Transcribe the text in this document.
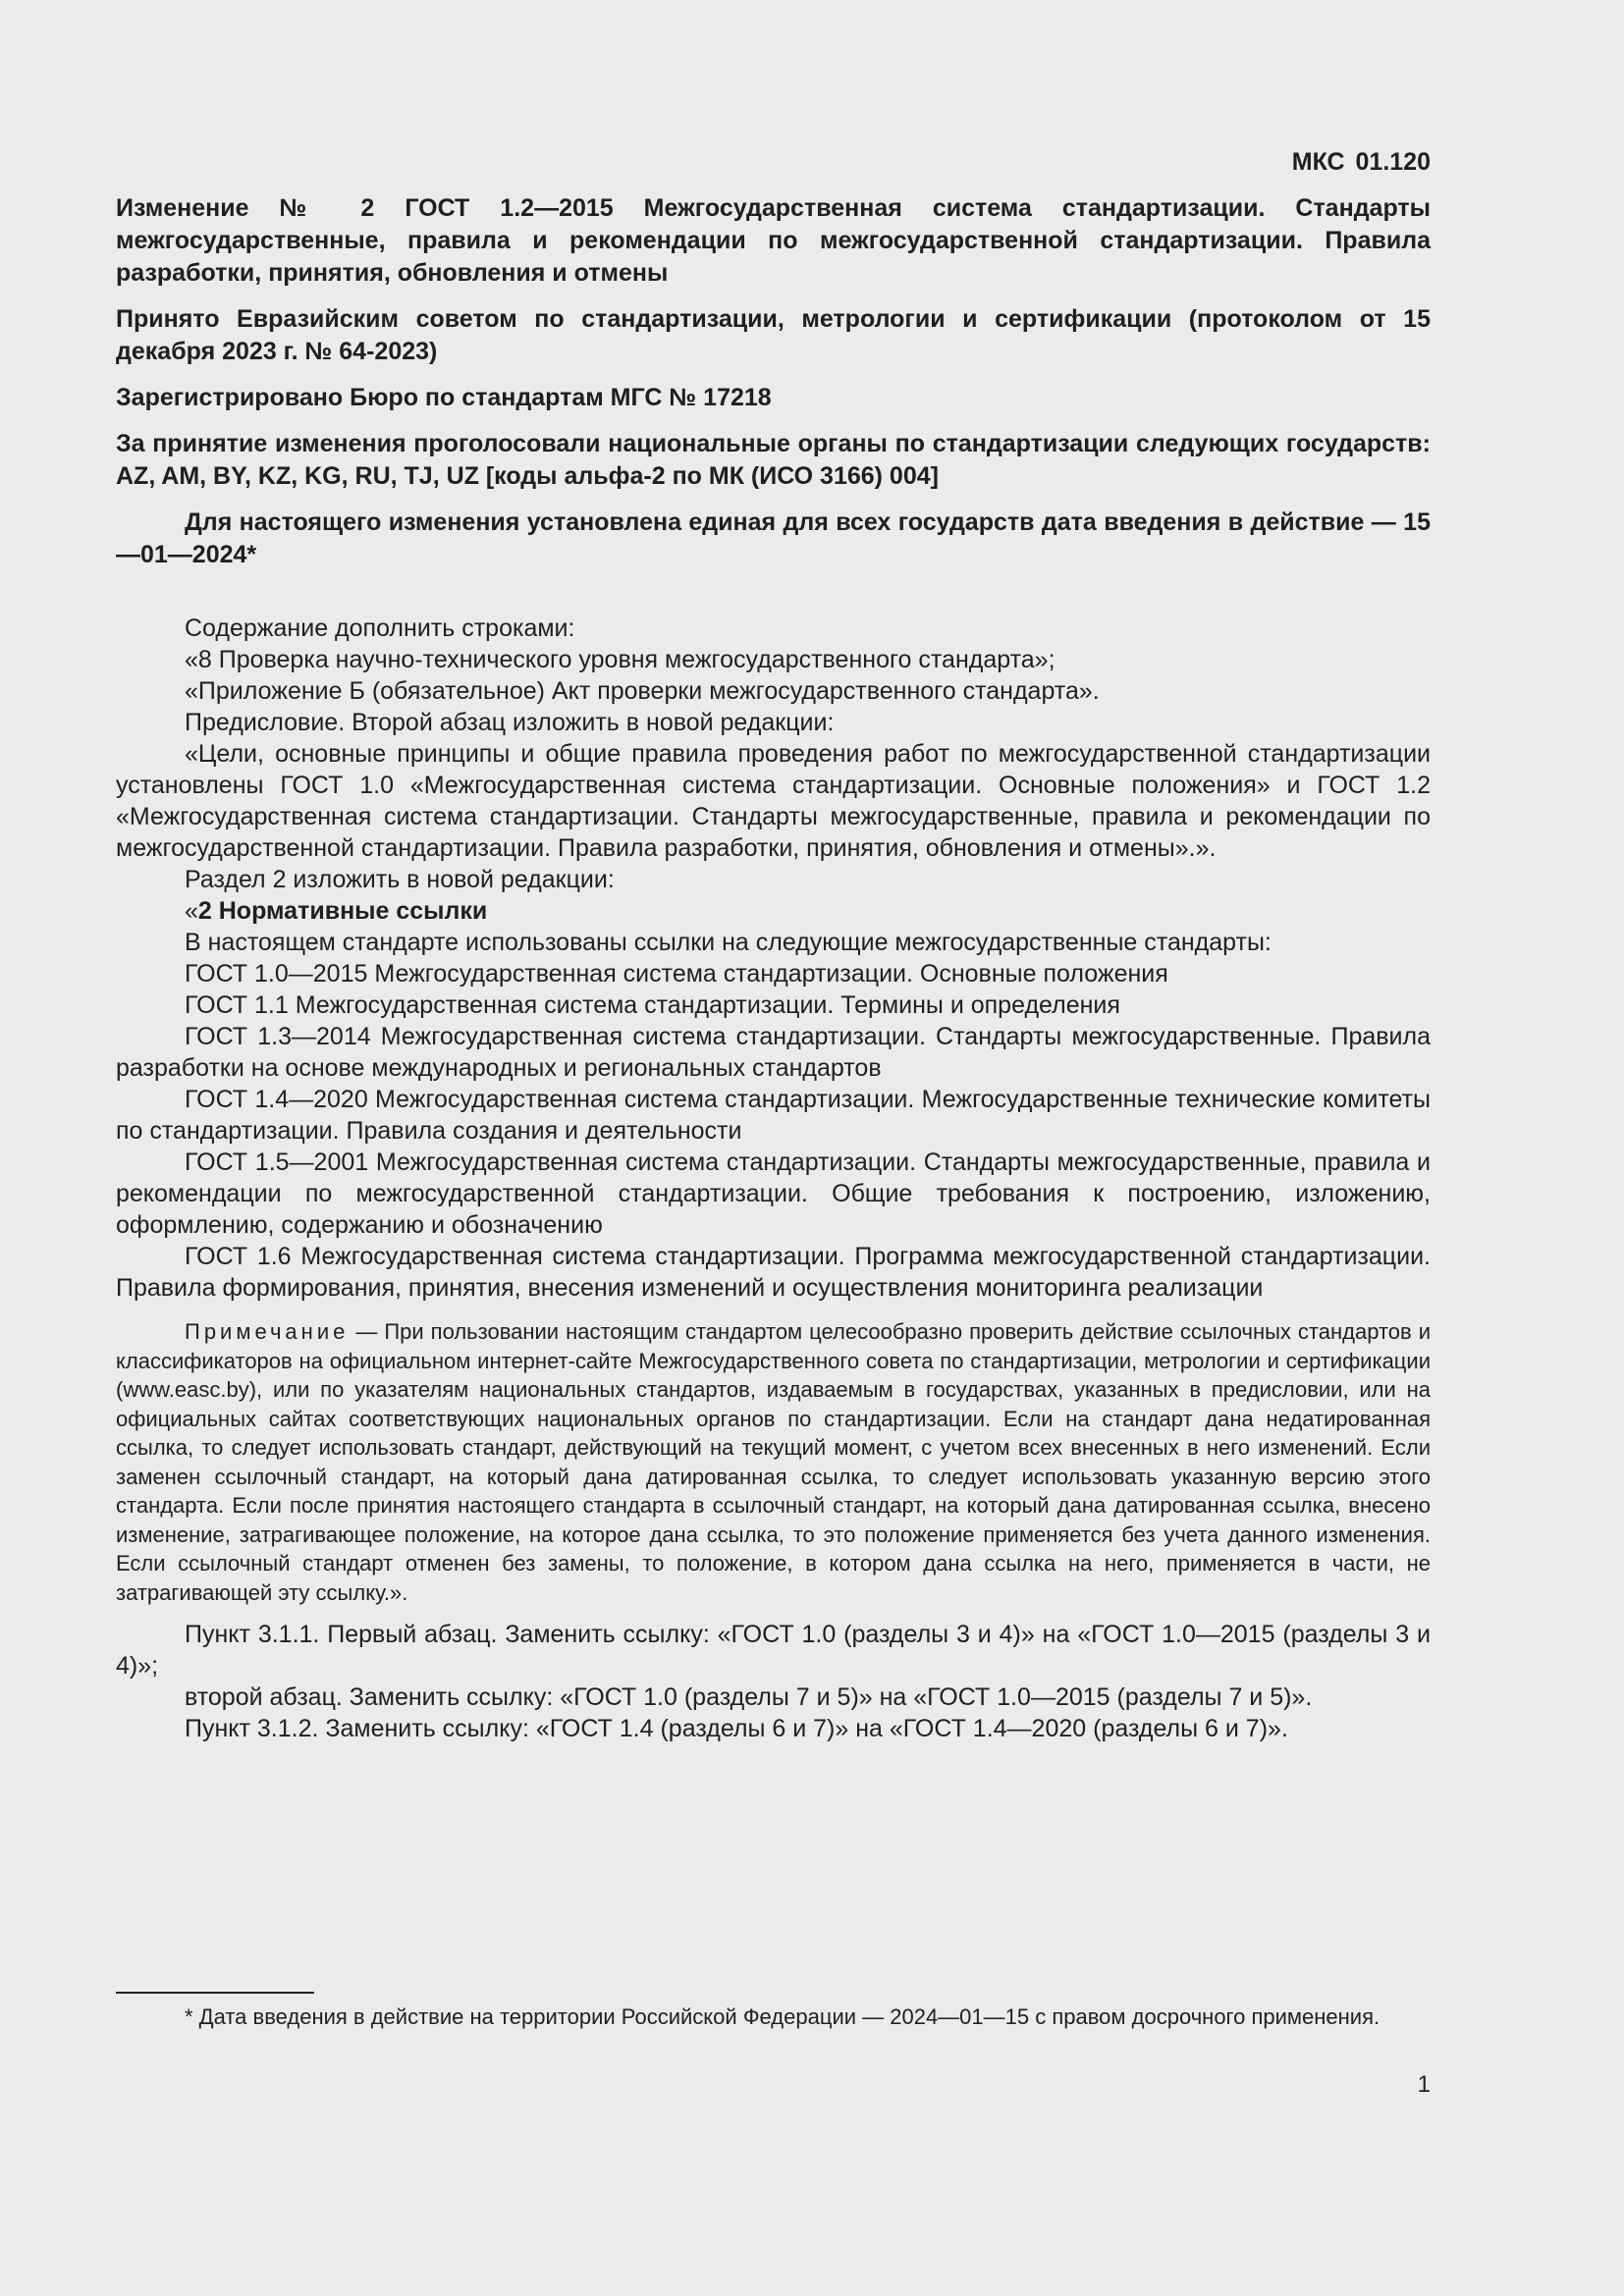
МКС 01.120

Изменение № 2 ГОСТ 1.2—2015 Межгосударственная система стандартизации. Стандарты межгосударственные, правила и рекомендации по межгосударственной стандартизации. Правила разработки, принятия, обновления и отмены

Принято Евразийским советом по стандартизации, метрологии и сертификации (протоколом от 15 декабря 2023 г. № 64-2023)

Зарегистрировано Бюро по стандартам МГС № 17218

За принятие изменения проголосовали национальные органы по стандартизации следующих государств: AZ, AM, BY, KZ, KG, RU, TJ, UZ [коды альфа-2 по МК (ИСО 3166) 004]

Для настоящего изменения установлена единая для всех государств дата введения в действие — 15—01—2024*

Содержание дополнить строками:

«8 Проверка научно-технического уровня межгосударственного стандарта»;

«Приложение Б (обязательное) Акт проверки межгосударственного стандарта».

Предисловие. Второй абзац изложить в новой редакции:

«Цели, основные принципы и общие правила проведения работ по межгосударственной стандартизации установлены ГОСТ 1.0 «Межгосударственная система стандартизации. Основные положения» и ГОСТ 1.2 «Межгосударственная система стандартизации. Стандарты межгосударственные, правила и рекомендации по межгосударственной стандартизации. Правила разработки, принятия, обновления и отмены».».

Раздел 2 изложить в новой редакции:

«2 Нормативные ссылки

В настоящем стандарте использованы ссылки на следующие межгосударственные стандарты:

ГОСТ 1.0—2015 Межгосударственная система стандартизации. Основные положения

ГОСТ 1.1 Межгосударственная система стандартизации. Термины и определения

ГОСТ 1.3—2014 Межгосударственная система стандартизации. Стандарты межгосударственные. Правила разработки на основе международных и региональных стандартов

ГОСТ 1.4—2020 Межгосударственная система стандартизации. Межгосударственные технические комитеты по стандартизации. Правила создания и деятельности

ГОСТ 1.5—2001 Межгосударственная система стандартизации. Стандарты межгосударственные, правила и рекомендации по межгосударственной стандартизации. Общие требования к построению, изложению, оформлению, содержанию и обозначению

ГОСТ 1.6 Межгосударственная система стандартизации. Программа межгосударственной стандартизации. Правила формирования, принятия, внесения изменений и осуществления мониторинга реализации

Примечание — При пользовании настоящим стандартом целесообразно проверить действие ссылочных стандартов и классификаторов на официальном интернет-сайте Межгосударственного совета по стандартизации, метрологии и сертификации (www.easc.by), или по указателям национальных стандартов, издаваемым в государствах, указанных в предисловии, или на официальных сайтах соответствующих национальных органов по стандартизации. Если на стандарт дана недатированная ссылка, то следует использовать стандарт, действующий на текущий момент, с учетом всех внесенных в него изменений. Если заменен ссылочный стандарт, на который дана датированная ссылка, то следует использовать указанную версию этого стандарта. Если после принятия настоящего стандарта в ссылочный стандарт, на который дана датированная ссылка, внесено изменение, затрагивающее положение, на которое дана ссылка, то это положение применяется без учета данного изменения. Если ссылочный стандарт отменен без замены, то положение, в котором дана ссылка на него, применяется в части, не затрагивающей эту ссылку.».

Пункт 3.1.1. Первый абзац. Заменить ссылку: «ГОСТ 1.0 (разделы 3 и 4)» на «ГОСТ 1.0—2015 (разделы 3 и 4)»;

второй абзац. Заменить ссылку: «ГОСТ 1.0 (разделы 7 и 5)» на «ГОСТ 1.0—2015 (разделы 7 и 5)».

Пункт 3.1.2. Заменить ссылку: «ГОСТ 1.4 (разделы 6 и 7)» на «ГОСТ 1.4—2020 (разделы 6 и 7)».

* Дата введения в действие на территории Российской Федерации — 2024—01—15 с правом досрочного применения.

1
